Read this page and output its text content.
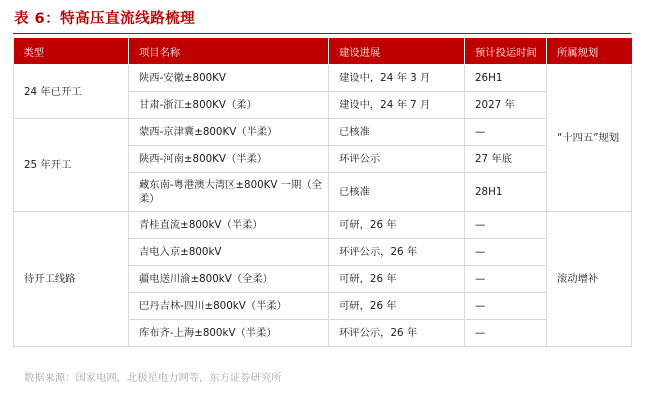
表 6：特高压直流线路梳理
类型	项目名称	建设进展	预计投运时间	所属规划
24 年已开工	陕西-安徽±800KV	建设中，24 年 3 月	26H1	“十四五”规划
	甘肃-浙江±800KV（柔）	建设中，24 年 7 月	2027 年	
25 年开工	蒙西-京津冀±800KV（半柔）	已核准	—	
	陕西-河南±800KV（半柔）	环评公示	27 年底	
	藏东南-粤港澳大湾区±800KV 一期（全柔）	已核准	28H1	
待开工线路	青桂直流±800kV（半柔）	可研，26 年	—	滚动增补
	吉电入京±800kV	环评公示，26 年	—	
	疆电送川渝±800kV（全柔）	可研，26 年	—	
	巴丹吉林-四川±800kV（半柔）	可研，26 年	—	
	库布齐-上海±800kV（半柔）	环评公示，26 年	—	
数据来源：国家电网，北极星电力网等，东方证券研究所
